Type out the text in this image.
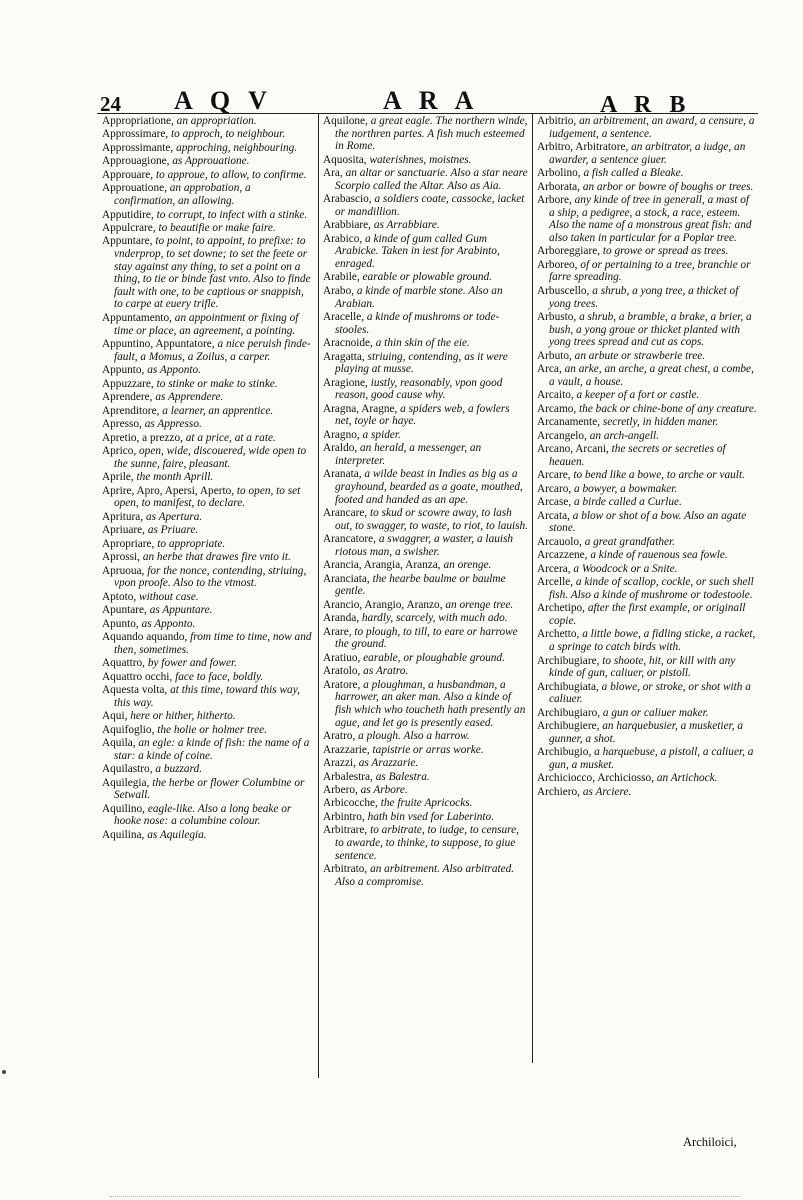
24 A Q V	A R A	A R B
Appropriatione, an appropriation.
Approssimare, to approch, to neighbour.
Approssimante, approching, neighbouring.
Approuagione, as Approuatione.
Approuare, to approue, to allow, to confirme.
Approuatione, an approbation, a confirmation, an allowing.
Apputidire, to corrupt, to infect with a stinke.
Appulcrare, to beautifie or make faire.
Appuntare, to point, to appoint, to prefixe: to vnderprop, to set downe; to set the feete or stay against any thing, to set a point on a thing, to tie or binde fast vnto. Also to finde fault with one, to be captious or snappish, to carpe at euery trifle.
Appuntamento, an appointment or fixing of time or place, an agreement, a pointing.
Appuntino, Appuntatore, a nice peruish finde-fault, a Momus, a Zoilus, a carper.
Appunto, as Apponto.
Appuzzare, to stinke or make to stinke.
Aprendere, as Apprendere.
Aprenditore, a learner, an apprentice.
Apresso, as Appresso.
Apretio, a prezzo, at a price, at a rate.
Aprico, open, wide, discouered, wide open to the sunne, faire, pleasant.
Aprile, the month Aprill.
Aprire, Apro, Apersi, Aperto, to open, to set open, to manifest, to declare.
Apritura, as Apertura.
Apriuare, as Priuare.
Apropriare, to appropriate.
Aprossi, an herbe that drawes fire vnto it.
Apruoua, for the nonce, contending, striuing, vpon proofe. Also to the vtmost.
Aptoto, without case.
Apuntare, as Appuntare.
Apunto, as Apponto.
Aquando aquando, from time to time, now and then, sometimes.
Aquattro, by fower and fower.
Aquattro occhi, face to face, boldly.
Aquesta volta, at this time, toward this way, this way.
Aqui, here or hither, hitherto.
Aquifoglio, the holie or holmer tree.
Aquila, an egle: a kinde of fish: the name of a star: a kinde of coine.
Aquilastro, a buzzard.
Aquilegia, the herbe or flower Columbine or Setwall.
Aquilino, eagle-like. Also a long beake or hooke nose: a columbine colour.
Aquilina, as Aquilegia.
Aquilone, a great eagle. The northern winde, the northren partes. A fish much esteemed in Rome.
Aquosita, waterishnes, moistnes.
Ara, an altar or sanctuarie. Also a star neare Scorpio called the Altar. Also as Aia.
Arabascio, a soldiers coate, cassocke, iacket or mandillion.
Arabbiare, as Arrabbiare.
Arabico, a kinde of gum called Gum Arabicke. Taken in iest for Arabinto, enraged.
Arabile, earable or plowable ground.
Arabo, a kinde of marble stone. Also an Arabian.
Aracelle, a kinde of mushroms or tode-stooles.
Aracnoide, a thin skin of the eie.
Aragatta, striuing, contending, as it were playing at musse.
Aragione, iustly, reasonably, vpon good reason, good cause why.
Aragna, Aragne, a spiders web, a fowlers net, toyle or haye.
Aragno, a spider.
Araldo, an herald, a messenger, an interpreter.
Aranata, a wilde beast in Indies as big as a grayhound, bearded as a goate, mouthed, footed and handed as an ape.
Arancare, to skud or scowre away, to lash out, to swagger, to waste, to riot, to lauish.
Arancatore, a swaggrer, a waster, a lauish riotous man, a swisher.
Arancia, Arangia, Aranza, an orenge.
Aranciata, the hearbe baulme or baulme gentle.
Arancio, Arangio, Aranzo, an orenge tree.
Aranda, hardly, scarcely, with much ado.
Arare, to plough, to till, to eare or harrowe the ground.
Aratiuo, earable, or ploughable ground.
Aratolo, as Aratro.
Aratore, a ploughman, a husbandman, a harrower, an aker man. Also a kinde of fish which who toucheth hath presently an ague, and let go is presently eased.
Aratro, a plough. Also a harrow.
Arazzarie, tapistrie or arras worke.
Arazzi, as Arazzarie.
Arbalestra, as Balestra.
Arbero, as Arbore.
Arbicocche, the fruite Apricocks.
Arbintro, hath bin vsed for Laberinto.
Arbitrare, to arbitrate, to iudge, to censure, to awarde, to thinke, to suppose, to giue sentence.
Arbitrato, an arbitrement. Also arbitrated. Also a compromise.
Arbitrio, an arbitrement, an award, a censure, a iudgement, a sentence.
Arbitro, Arbitratore, an arbitrator, a iudge, an awarder, a sentence giuer.
Arbolino, a fish called a Bleake.
Arborata, an arbor or bowre of boughs or trees.
Arbore, any kinde of tree in generall, a mast of a ship, a pedigree, a stock, a race, esteem. Also the name of a monstrous great fish: and also taken in particular for a Poplar tree.
Arboreggiare, to growe or spread as trees.
Arboreo, of or pertaining to a tree, branchie or farre spreading.
Arbuscello, a shrub, a yong tree, a thicket of yong trees.
Arbusto, a shrub, a bramble, a brake, a brier, a bush, a yong groue or thicket planted with yong trees spread and cut as cops.
Arbuto, an arbute or strawberie tree.
Arca, an arke, an arche, a great chest, a combe, a vault, a house.
Arcaito, a keeper of a fort or castle.
Arcamo, the back or chine-bone of any creature.
Arcanamente, secretly, in hidden maner.
Arcangelo, an arch-angell.
Arcano, Arcani, the secrets or secreties of heauen.
Arcare, to bend like a bowe, to arche or vault.
Arcaro, a bowyer, a bowmaker.
Arcase, a birde called a Curlue.
Arcata, a blow or shot of a bow. Also an agate stone.
Arcauolo, a great grandfather.
Arcazzene, a kinde of rauenous sea fowle.
Arcera, a Woodcock or a Snite.
Arcelle, a kinde of scallop, cockle, or such shell fish. Also a kinde of mushrome or todestoole.
Archetipo, after the first example, or originall copie.
Archetto, a little bowe, a fidling sticke, a racket, a springe to catch birds with.
Archibugiare, to shoote, hit, or kill with any kinde of gun, caliuer, or pistoll.
Archibugiata, a blowe, or stroke, or shot with a caliuer.
Archibugiaro, a gun or caliuer maker.
Archibugiere, an harquebusier, a musketier, a gunner, a shot.
Archibugio, a harquebuse, a pistoll, a caliuer, a gun, a musket.
Archiciocco, Archiciosso, an Artichock.
Archiero, as Arciere.
Archiloici,
